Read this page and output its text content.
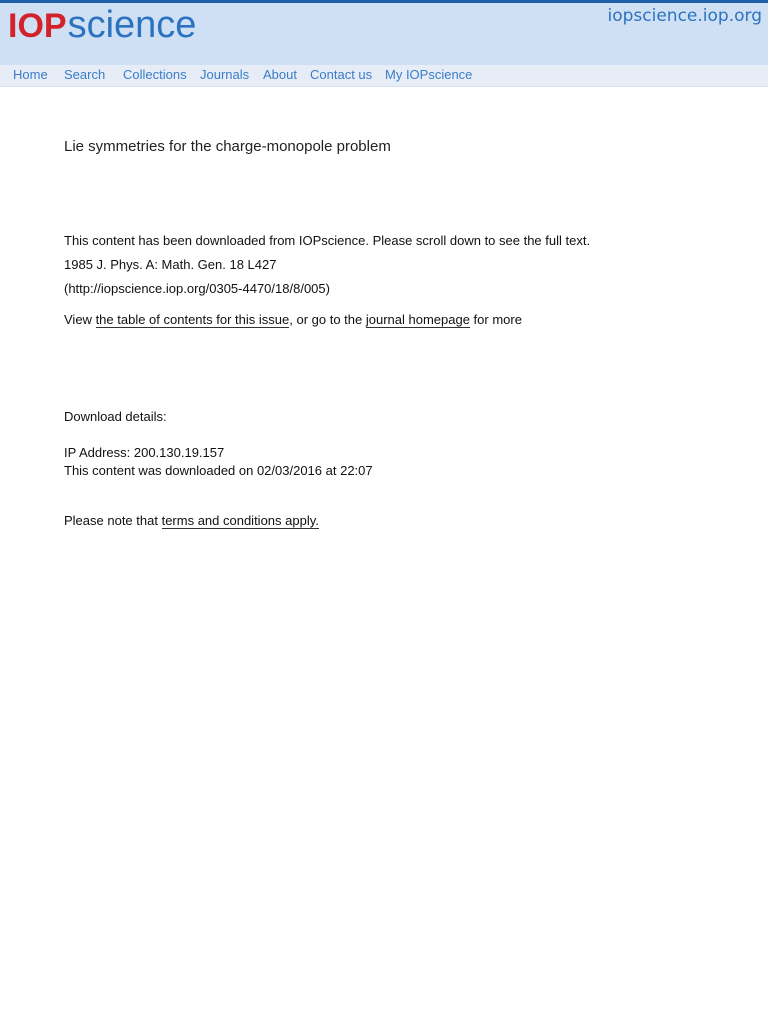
IOP science	iopscience.iop.org
Home Search Collections Journals About Contact us My IOPscience
Lie symmetries for the charge-monopole problem
This content has been downloaded from IOPscience. Please scroll down to see the full text.
1985 J. Phys. A: Math. Gen. 18 L427
(http://iopscience.iop.org/0305-4470/18/8/005)
View the table of contents for this issue, or go to the journal homepage for more
Download details:
IP Address: 200.130.19.157
This content was downloaded on 02/03/2016 at 22:07
Please note that terms and conditions apply.
